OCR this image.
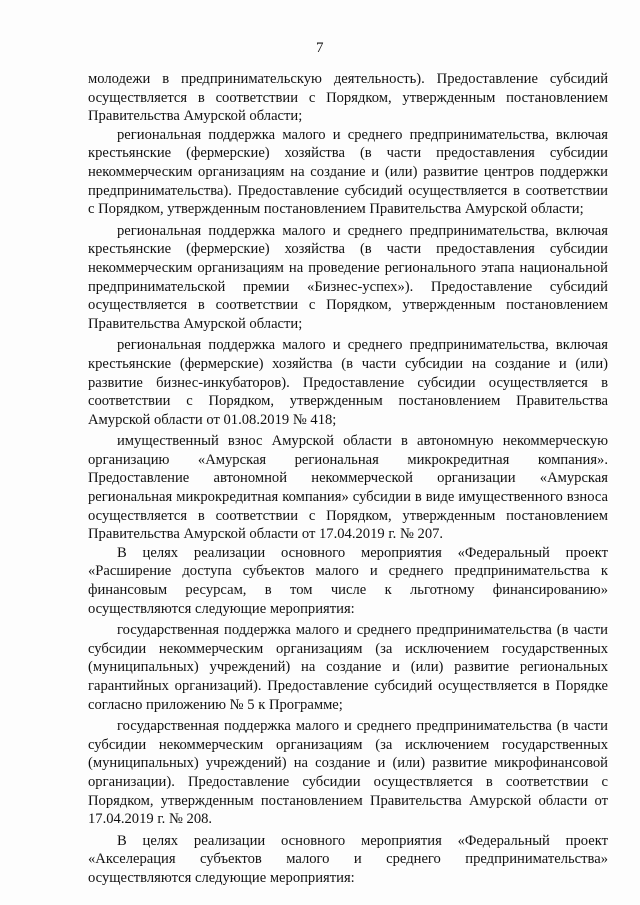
7

молодежи в предпринимательскую деятельность). Предоставление субсидий осуществляется в соответствии с Порядком, утвержденным постановлением Правительства Амурской области;

региональная поддержка малого и среднего предпринимательства, включая крестьянские (фермерские) хозяйства (в части предоставления субсидии некоммерческим организациям на создание и (или) развитие центров поддержки предпринимательства). Предоставление субсидий осуществляется в соответствии с Порядком, утвержденным постановлением Правительства Амурской области;

региональная поддержка малого и среднего предпринимательства, включая крестьянские (фермерские) хозяйства (в части предоставления субсидии некоммерческим организациям на проведение регионального этапа национальной предпринимательской премии «Бизнес-успех»). Предоставление субсидий осуществляется в соответствии с Порядком, утвержденным постановлением Правительства Амурской области;

региональная поддержка малого и среднего предпринимательства, включая крестьянские (фермерские) хозяйства (в части субсидии на создание и (или) развитие бизнес-инкубаторов). Предоставление субсидии осуществляется в соответствии с Порядком, утвержденным постановлением Правительства Амурской области от 01.08.2019 № 418;

имущественный взнос Амурской области в автономную некоммерческую организацию «Амурская региональная микрокредитная компания». Предоставление автономной некоммерческой организации «Амурская региональная микрокредитная компания» субсидии в виде имущественного взноса осуществляется в соответствии с Порядком, утвержденным постановлением Правительства Амурской области от 17.04.2019 г. № 207.

В целях реализации основного мероприятия «Федеральный проект «Расширение доступа субъектов малого и среднего предпринимательства к финансовым ресурсам, в том числе к льготному финансированию» осуществляются следующие мероприятия:

государственная поддержка малого и среднего предпринимательства (в части субсидии некоммерческим организациям (за исключением государственных (муниципальных) учреждений) на создание и (или) развитие региональных гарантийных организаций). Предоставление субсидий осуществляется в Порядке согласно приложению № 5 к Программе;

государственная поддержка малого и среднего предпринимательства (в части субсидии некоммерческим организациям (за исключением государственных (муниципальных) учреждений) на создание и (или) развитие микрофинансовой организации). Предоставление субсидии осуществляется в соответствии с Порядком, утвержденным постановлением Правительства Амурской области от 17.04.2019 г. № 208.

В целях реализации основного мероприятия «Федеральный проект «Акселерация субъектов малого и среднего предпринимательства» осуществляются следующие мероприятия:
